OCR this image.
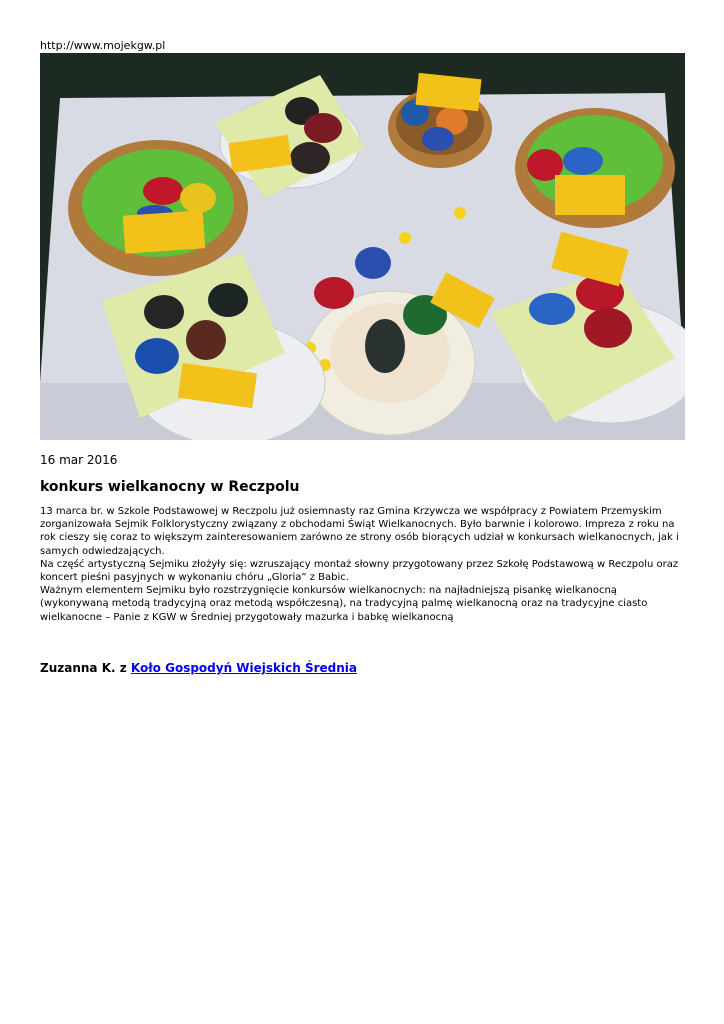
http://www.mojekgw.pl
16 mar 2016
konkurs wielkanocny w Reczpolu

13 marca br. w Szkole Podstawowej w Reczpolu już osiemnasty raz Gmina Krzywcza we współpracy z Powiatem Przemyskim zorganizowała Sejmik Folklorystyczny związany z obchodami Świąt Wielkanocnych. Było barwnie i kolorowo. Impreza z roku na rok cieszy się coraz to większym zainteresowaniem zarówno ze strony osób biorących udział w konkursach wielkanocnych, jak i samych odwiedzających.

Na część artystyczną Sejmiku złożyły się: wzruszający montaż słowny przygotowany przez Szkołę Podstawową w Reczpolu oraz koncert pieśni pasyjnych w wykonaniu chóru „Gloria” z Babic.

Ważnym elementem Sejmiku było rozstrzygnięcie konkursów wielkanocnych: na najładniejszą pisankę wielkanocną (wykonywaną metodą tradycyjną oraz metodą współczesną), na tradycyjną palmę wielkanocną oraz na tradycyjne ciasto wielkanocne – Panie z KGW w Średniej przygotowały mazurka i babkę wielkanocną

Zuzanna K. z Koło Gospodyń Wiejskich Średnia
